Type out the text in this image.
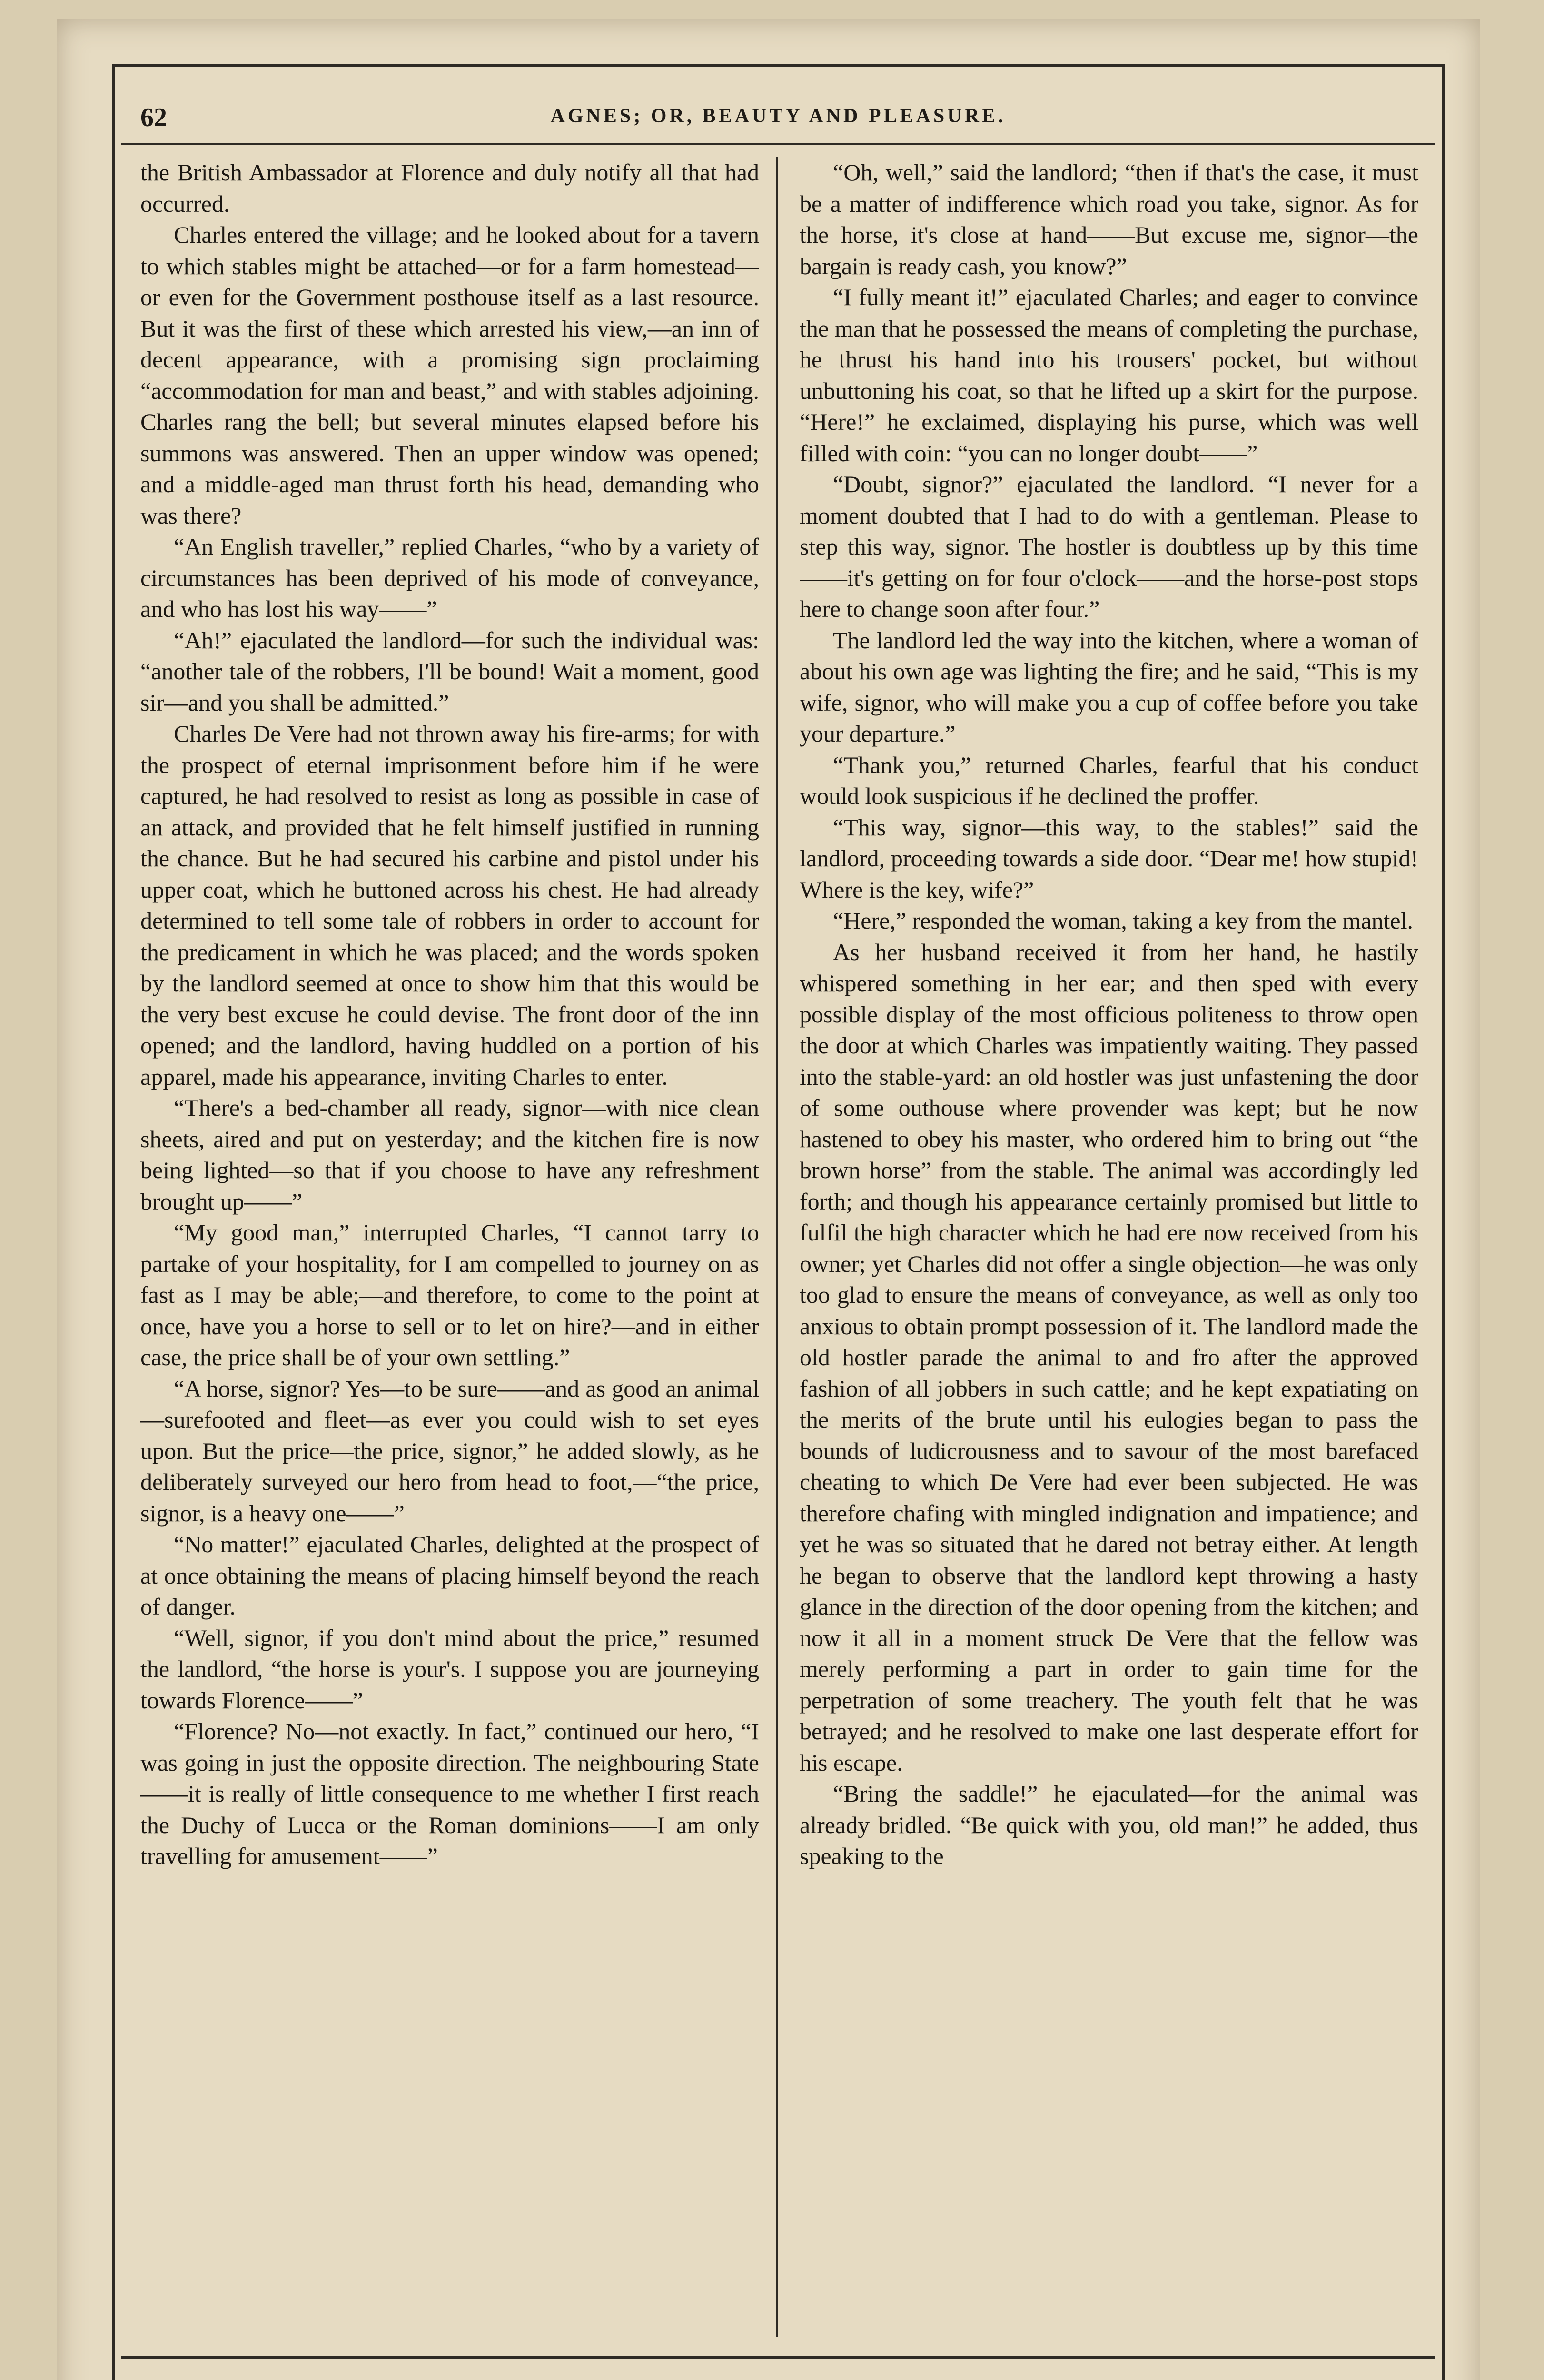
62	AGNES; OR, BEAUTY AND PLEASURE.

the British Ambassador at Florence and duly notify all that had occurred.

Charles entered the village; and he looked about for a tavern to which stables might be attached—or for a farm homestead—or even for the Government posthouse itself as a last resource. But it was the first of these which arrested his view,—an inn of decent appearance, with a promising sign proclaiming “accommodation for man and beast,” and with stables adjoining. Charles rang the bell; but several minutes elapsed before his summons was answered. Then an upper window was opened; and a middle-aged man thrust forth his head, demanding who was there?

“An English traveller,” replied Charles, “who by a variety of circumstances has been deprived of his mode of conveyance, and who has lost his way——”

“Ah!” ejaculated the landlord—for such the individual was: “another tale of the robbers, I'll be bound! Wait a moment, good sir—and you shall be admitted.”

Charles De Vere had not thrown away his fire-arms; for with the prospect of eternal imprisonment before him if he were captured, he had resolved to resist as long as possible in case of an attack, and provided that he felt himself justified in running the chance. But he had secured his carbine and pistol under his upper coat, which he buttoned across his chest. He had already determined to tell some tale of robbers in order to account for the predicament in which he was placed; and the words spoken by the landlord seemed at once to show him that this would be the very best excuse he could devise. The front door of the inn opened; and the landlord, having huddled on a portion of his apparel, made his appearance, inviting Charles to enter.

“There's a bed-chamber all ready, signor—with nice clean sheets, aired and put on yesterday; and the kitchen fire is now being lighted—so that if you choose to have any refreshment brought up——”

“My good man,” interrupted Charles, “I cannot tarry to partake of your hospitality, for I am compelled to journey on as fast as I may be able;—and therefore, to come to the point at once, have you a horse to sell or to let on hire?—and in either case, the price shall be of your own settling.”

“A horse, signor? Yes—to be sure——and as good an animal—surefooted and fleet—as ever you could wish to set eyes upon. But the price—the price, signor,” he added slowly, as he deliberately surveyed our hero from head to foot,—“the price, signor, is a heavy one——”

“No matter!” ejaculated Charles, delighted at the prospect of at once obtaining the means of placing himself beyond the reach of danger.

“Well, signor, if you don't mind about the price,” resumed the landlord, “the horse is your's. I suppose you are journeying towards Florence——”

“Florence? No—not exactly. In fact,” continued our hero, “I was going in just the opposite direction. The neighbouring State——it is really of little consequence to me whether I first reach the Duchy of Lucca or the Roman dominions——I am only travelling for amusement——”

“Oh, well,” said the landlord; “then if that's the case, it must be a matter of indifference which road you take, signor. As for the horse, it's close at hand——But excuse me, signor—the bargain is ready cash, you know?”

“I fully meant it!” ejaculated Charles; and eager to convince the man that he possessed the means of completing the purchase, he thrust his hand into his trousers' pocket, but without unbuttoning his coat, so that he lifted up a skirt for the purpose. “Here!” he exclaimed, displaying his purse, which was well filled with coin: “you can no longer doubt——”

“Doubt, signor?” ejaculated the landlord. “I never for a moment doubted that I had to do with a gentleman. Please to step this way, signor. The hostler is doubtless up by this time——it's getting on for four o'clock——and the horse-post stops here to change soon after four.”

The landlord led the way into the kitchen, where a woman of about his own age was lighting the fire; and he said, “This is my wife, signor, who will make you a cup of coffee before you take your departure.”

“Thank you,” returned Charles, fearful that his conduct would look suspicious if he declined the proffer.

“This way, signor—this way, to the stables!” said the landlord, proceeding towards a side door. “Dear me! how stupid! Where is the key, wife?”

“Here,” responded the woman, taking a key from the mantel.

As her husband received it from her hand, he hastily whispered something in her ear; and then sped with every possible display of the most officious politeness to throw open the door at which Charles was impatiently waiting. They passed into the stable-yard: an old hostler was just unfastening the door of some outhouse where provender was kept; but he now hastened to obey his master, who ordered him to bring out “the brown horse” from the stable. The animal was accordingly led forth; and though his appearance certainly promised but little to fulfil the high character which he had ere now received from his owner; yet Charles did not offer a single objection—he was only too glad to ensure the means of conveyance, as well as only too anxious to obtain prompt possession of it. The landlord made the old hostler parade the animal to and fro after the approved fashion of all jobbers in such cattle; and he kept expatiating on the merits of the brute until his eulogies began to pass the bounds of ludicrousness and to savour of the most barefaced cheating to which De Vere had ever been subjected. He was therefore chafing with mingled indignation and impatience; and yet he was so situated that he dared not betray either. At length he began to observe that the landlord kept throwing a hasty glance in the direction of the door opening from the kitchen; and now it all in a moment struck De Vere that the fellow was merely performing a part in order to gain time for the perpetration of some treachery. The youth felt that he was betrayed; and he resolved to make one last desperate effort for his escape.

“Bring the saddle!” he ejaculated—for the animal was already bridled. “Be quick with you, old man!” he added, thus speaking to the
